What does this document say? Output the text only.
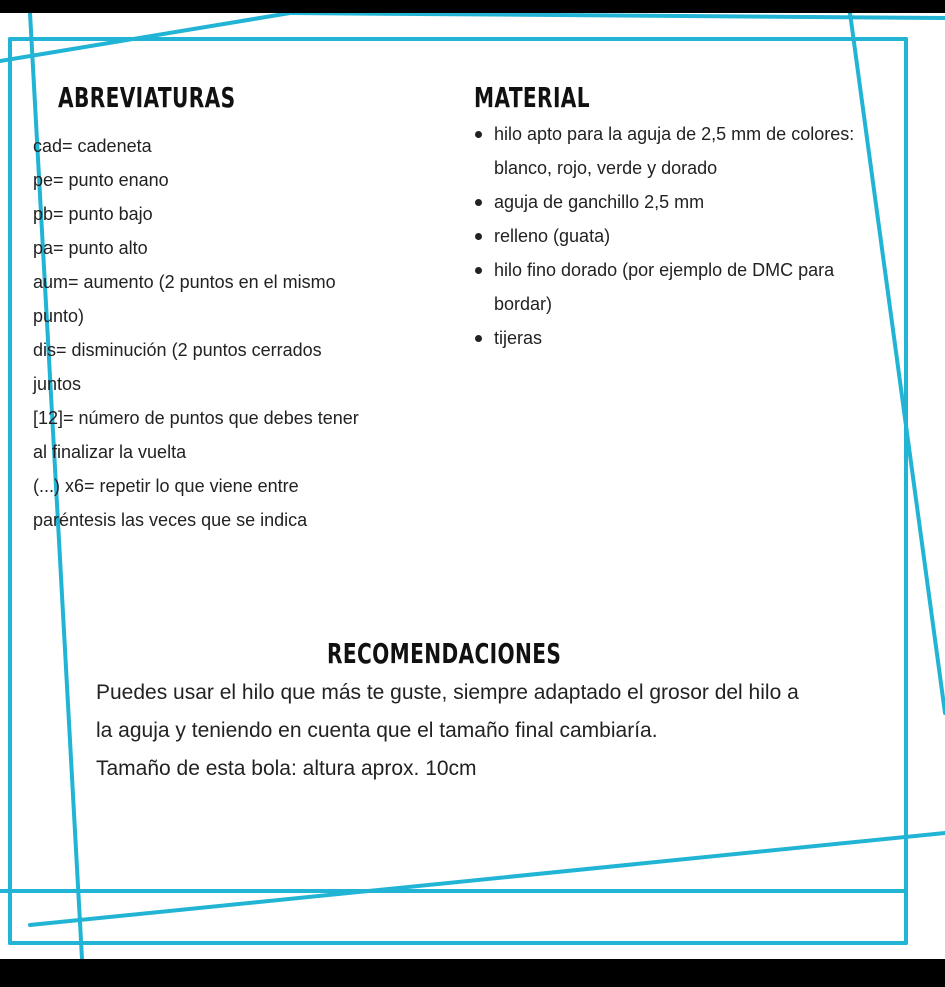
ABREVIATURAS
cad= cadeneta
pe= punto enano
pb= punto bajo
pa= punto alto
aum= aumento (2 puntos en el mismo
punto)
dis= disminución (2 puntos cerrados
juntos
[12]= número de puntos que debes tener
al finalizar la vuelta
(...) x6= repetir lo que viene entre
paréntesis las veces que se indica
MATERIAL
hilo apto para la aguja de 2,5 mm de colores: blanco, rojo, verde y dorado
aguja de ganchillo 2,5 mm
relleno (guata)
hilo fino dorado (por ejemplo de DMC para bordar)
tijeras
RECOMENDACIONES
Puedes usar el hilo que más te guste, siempre adaptado el grosor del hilo a la aguja y teniendo en cuenta que el tamaño final cambiaría.
Tamaño de esta bola: altura aprox. 10cm
